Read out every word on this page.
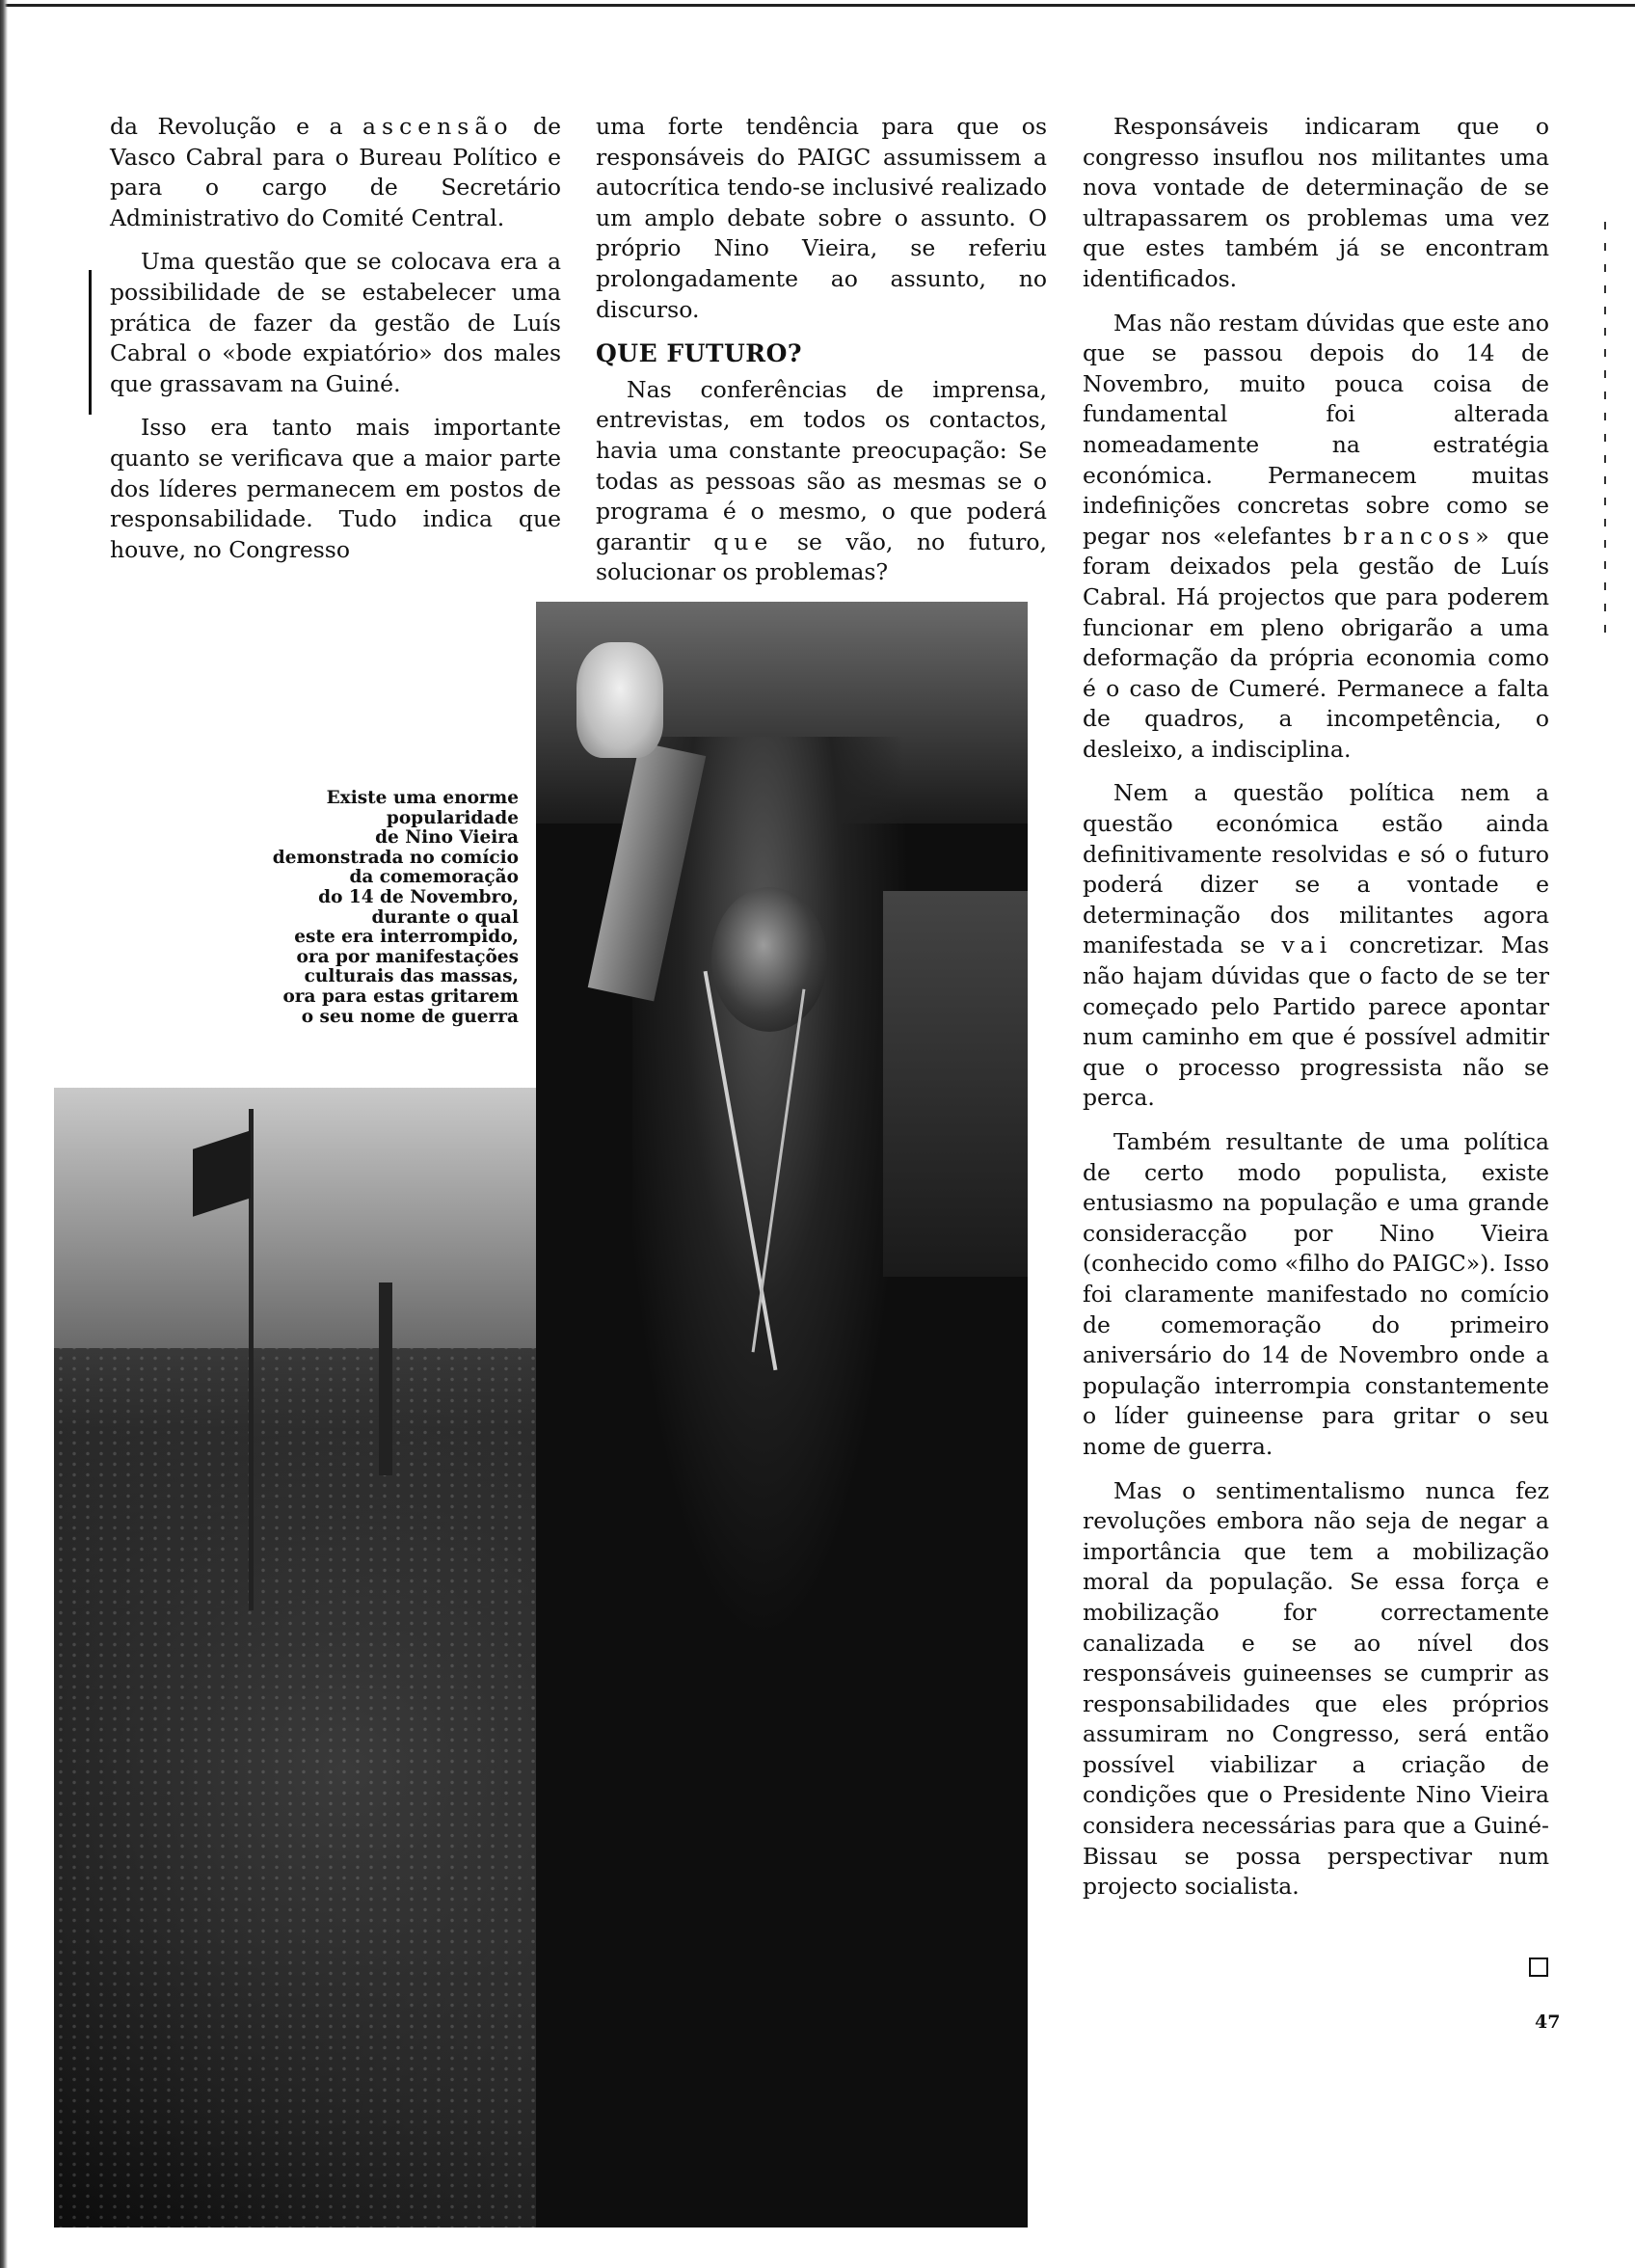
da Revolução e a ascensão de Vasco Cabral para o Bureau Político e para o cargo de Secretário Administrativo do Comité Central.

Uma questão que se colocava era a possibilidade de se estabelecer uma prática de fazer da gestão de Luís Cabral o «bode expiatório» dos males que grassavam na Guiné.

Isso era tanto mais importante quanto se verificava que a maior parte dos líderes permanecem em postos de responsabilidade. Tudo indica que houve, no Congresso

uma forte tendência para que os responsáveis do PAIGC assumissem a autocrítica tendo-se inclusivé realizado um amplo debate sobre o assunto. O próprio Nino Vieira, se referiu prolongadamente ao assunto, no discurso.

QUE FUTURO?

Nas conferências de imprensa, entrevistas, em todos os contactos, havia uma constante preocupação: Se todas as pessoas são as mesmas se o programa é o mesmo, o que poderá garantir que se vão, no futuro, solucionar os problemas?

Responsáveis indicaram que o congresso insuflou nos militantes uma nova vontade de determinação de se ultrapassarem os problemas uma vez que estes também já se encontram identificados.

Mas não restam dúvidas que este ano que se passou depois do 14 de Novembro, muito pouca coisa de fundamental foi alterada nomeadamente na estratégia económica. Permanecem muitas indefinições concretas sobre como se pegar nos «elefantes brancos» que foram deixados pela gestão de Luís Cabral. Há projectos que para poderem funcionar em pleno obrigarão a uma deformação da própria economia como é o caso de Cumeré. Permanece a falta de quadros, a incompetência, o desleixo, a indisciplina.

Nem a questão política nem a questão económica estão ainda definitivamente resolvidas e só o futuro poderá dizer se a vontade e determinação dos militantes agora manifestada se vai concretizar. Mas não hajam dúvidas que o facto de se ter começado pelo Partido parece apontar num caminho em que é possível admitir que o processo progressista não se perca.

Também resultante de uma política de certo modo populista, existe entusiasmo na população e uma grande consideracção por Nino Vieira (conhecido como «filho do PAIGC»). Isso foi claramente manifestado no comício de comemoração do primeiro aniversário do 14 de Novembro onde a população interrompia constantemente o líder guineense para gritar o seu nome de guerra.

Mas o sentimentalismo nunca fez revoluções embora não seja de negar a importância que tem a mobilização moral da população. Se essa força e mobilização for correctamente canalizada e se ao nível dos responsáveis guineenses se cumprir as responsabilidades que eles próprios assumiram no Congresso, será então possível viabilizar a criação de condições que o Presidente Nino Vieira considera necessárias para que a Guiné-Bissau se possa perspectivar num projecto socialista.

Existe uma enorme
popularidade
de Nino Vieira
demonstrada no comício
da comemoração
do 14 de Novembro,
durante o qual
este era interrompido,
ora por manifestações
culturais das massas,
ora para estas gritarem
o seu nome de guerra
47
